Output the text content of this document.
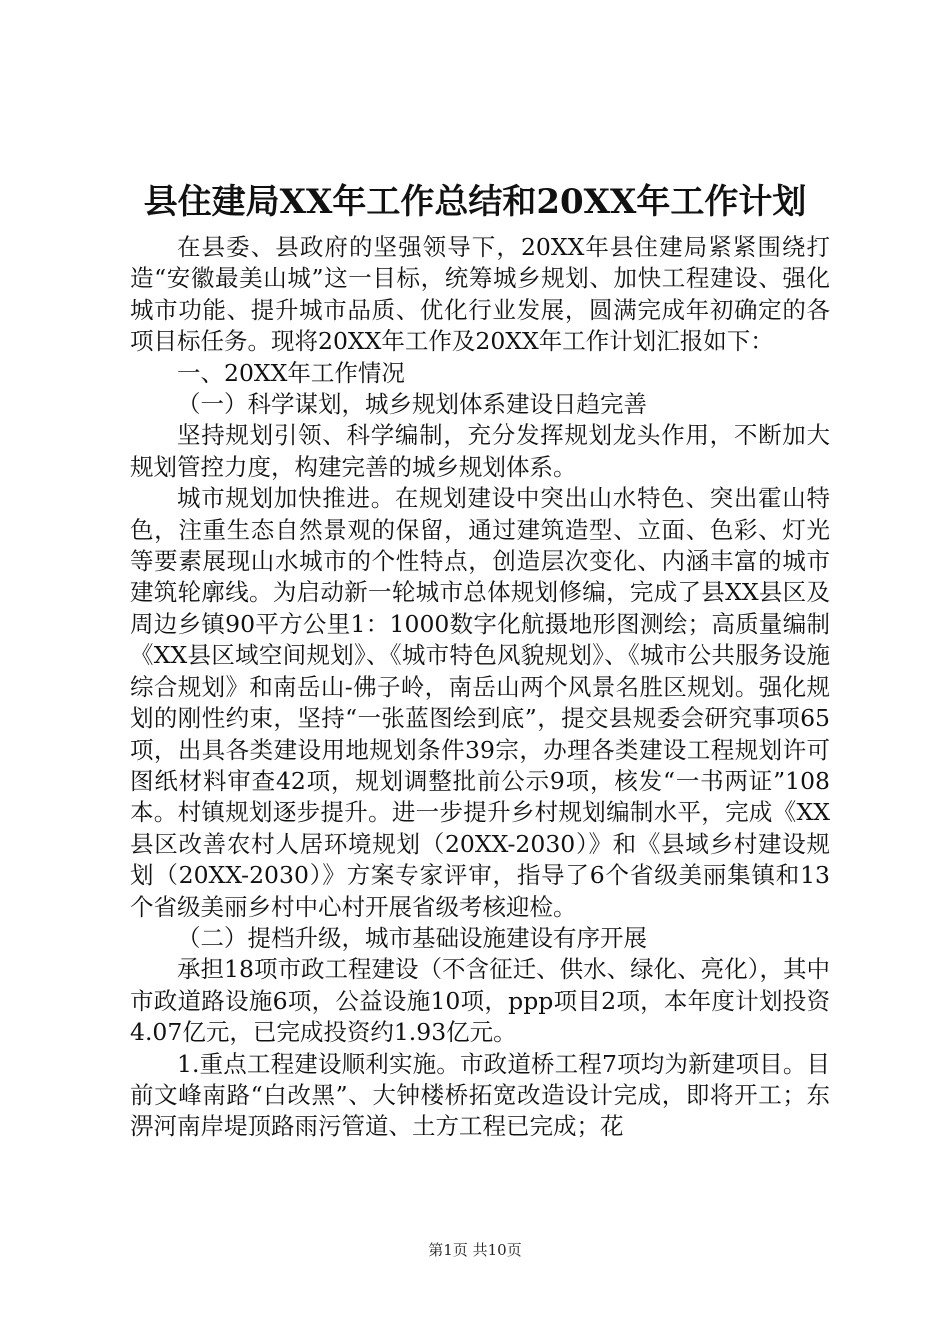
县住建局XX年工作总结和20XX年工作计划

在县委、县政府的坚强领导下，20XX年县住建局紧紧围绕打造“安徽最美山城”这一目标，统筹城乡规划、加快工程建设、强化城市功能、提升城市品质、优化行业发展，圆满完成年初确定的各项目标任务。现将20XX年工作及20XX年工作计划汇报如下：

一、20XX年工作情况

（一）科学谋划，城乡规划体系建设日趋完善

坚持规划引领、科学编制，充分发挥规划龙头作用，不断加大规划管控力度，构建完善的城乡规划体系。

城市规划加快推进。在规划建设中突出山水特色、突出霍山特色，注重生态自然景观的保留，通过建筑造型、立面、色彩、灯光等要素展现山水城市的个性特点，创造层次变化、内涵丰富的城市建筑轮廓线。为启动新一轮城市总体规划修编，完成了县XX县区及周边乡镇90平方公里1：1000数字化航摄地形图测绘；高质量编制《XX县区域空间规划》、《城市特色风貌规划》、《城市公共服务设施综合规划》和南岳山-佛子岭，南岳山两个风景名胜区规划。强化规划的刚性约束，坚持“一张蓝图绘到底”，提交县规委会研究事项65项，出具各类建设用地规划条件39宗，办理各类建设工程规划许可图纸材料审查42项，规划调整批前公示9项，核发“一书两证”108本。村镇规划逐步提升。进一步提升乡村规划编制水平，完成《XX县区改善农村人居环境规划（20XX-2030）》和《县域乡村建设规划（20XX-2030）》方案专家评审，指导了6个省级美丽集镇和13个省级美丽乡村中心村开展省级考核迎检。

（二）提档升级，城市基础设施建设有序开展

承担18项市政工程建设（不含征迁、供水、绿化、亮化），其中市政道路设施6项，公益设施10项，ppp项目2项，本年度计划投资4.07亿元，已完成投资约1.93亿元。

1.重点工程建设顺利实施。市政道桥工程7项均为新建项目。目前文峰南路“白改黑”、大钟楼桥拓宽改造设计完成，即将开工；东淠河南岸堤顶路雨污管道、土方工程已完成；花

第1页 共10页
